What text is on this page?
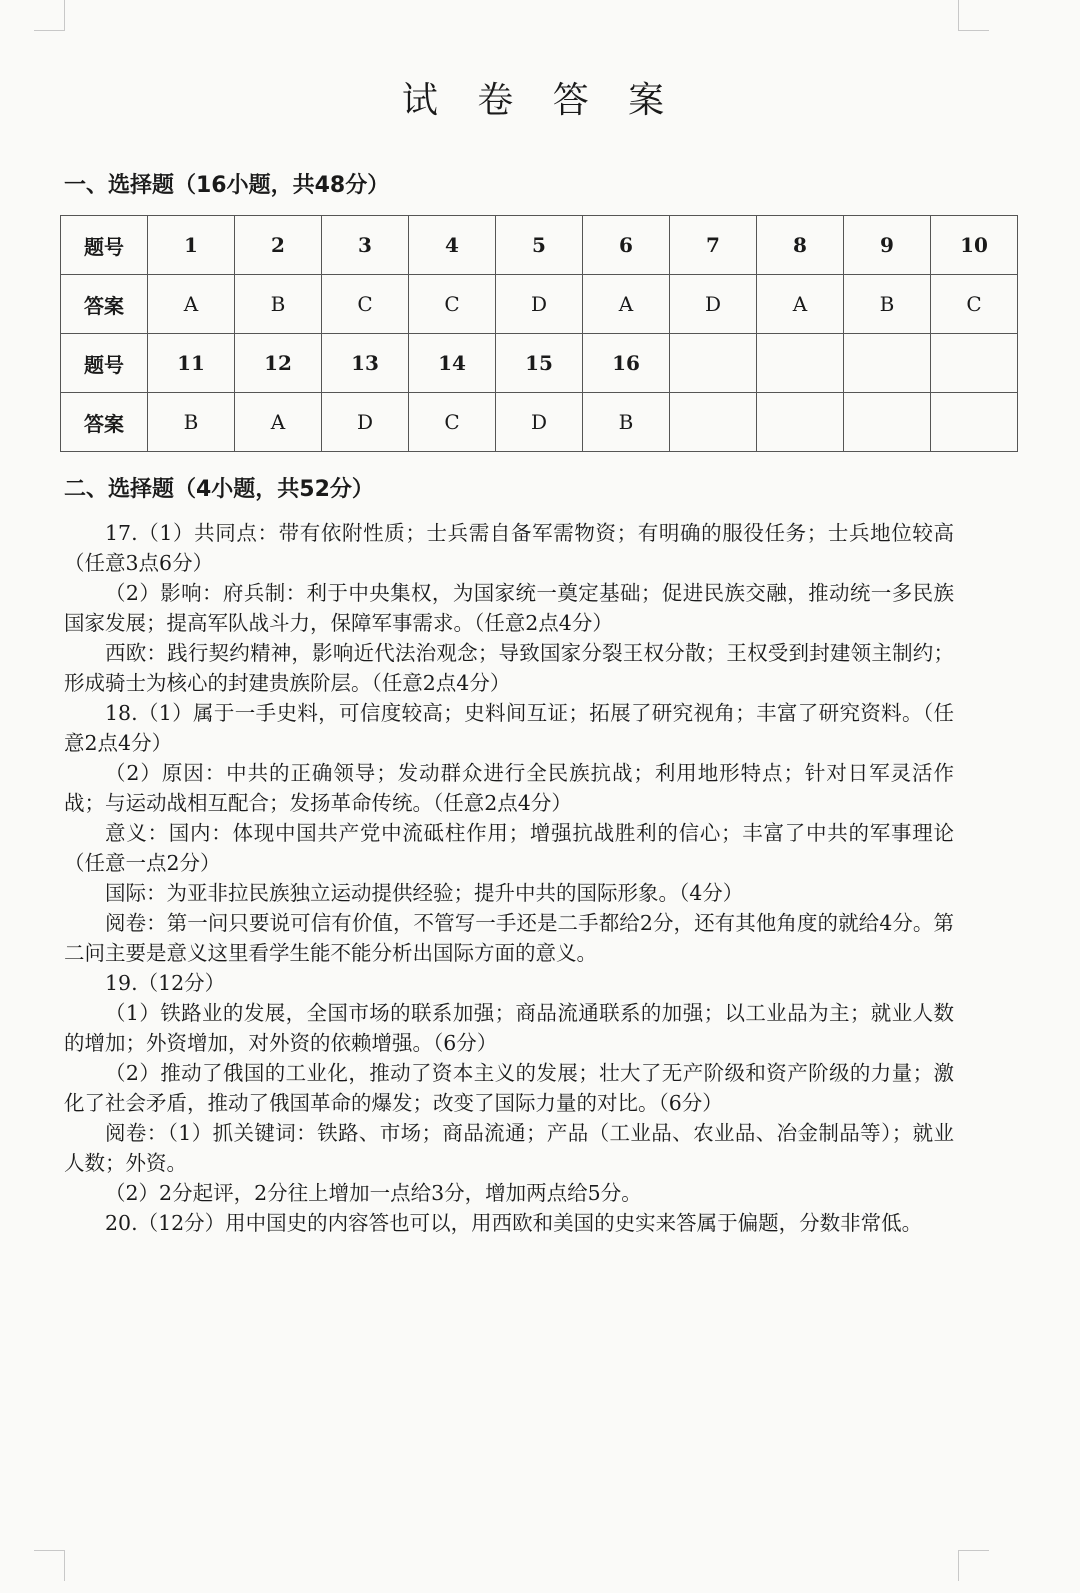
试 卷 答 案
一、选择题（16小题，共48分）
题号	1	2	3	4	5	6	7	8	9	10
答案	A	B	C	C	D	A	D	A	B	C
题号	11	12	13	14	15	16				
答案	B	A	D	C	D	B				
二、选择题（4小题，共52分）

17.（1）共同点：带有依附性质；士兵需自备军需物资；有明确的服役任务；士兵地位较高（任意3点6分）

（2）影响：府兵制：利于中央集权，为国家统一奠定基础；促进民族交融，推动统一多民族国家发展；提高军队战斗力，保障军事需求。（任意2点4分）

西欧：践行契约精神，影响近代法治观念；导致国家分裂王权分散；王权受到封建领主制约；形成骑士为核心的封建贵族阶层。（任意2点4分）

18.（1）属于一手史料，可信度较高；史料间互证；拓展了研究视角；丰富了研究资料。（任意2点4分）

（2）原因：中共的正确领导；发动群众进行全民族抗战；利用地形特点；针对日军灵活作战；与运动战相互配合；发扬革命传统。（任意2点4分）

意义：国内：体现中国共产党中流砥柱作用；增强抗战胜利的信心；丰富了中共的军事理论（任意一点2分）

国际：为亚非拉民族独立运动提供经验；提升中共的国际形象。（4分）

阅卷：第一问只要说可信有价值，不管写一手还是二手都给2分，还有其他角度的就给4分。第二问主要是意义这里看学生能不能分析出国际方面的意义。

19.（12分）

（1）铁路业的发展，全国市场的联系加强；商品流通联系的加强；以工业品为主；就业人数的增加；外资增加，对外资的依赖增强。（6分）

（2）推动了俄国的工业化，推动了资本主义的发展；壮大了无产阶级和资产阶级的力量；激化了社会矛盾，推动了俄国革命的爆发；改变了国际力量的对比。（6分）

阅卷：（1）抓关键词：铁路、市场；商品流通；产品（工业品、农业品、冶金制品等）；就业人数；外资。

（2）2分起评，2分往上增加一点给3分，增加两点给5分。

20.（12分）用中国史的内容答也可以，用西欧和美国的史实来答属于偏题，分数非常低。
